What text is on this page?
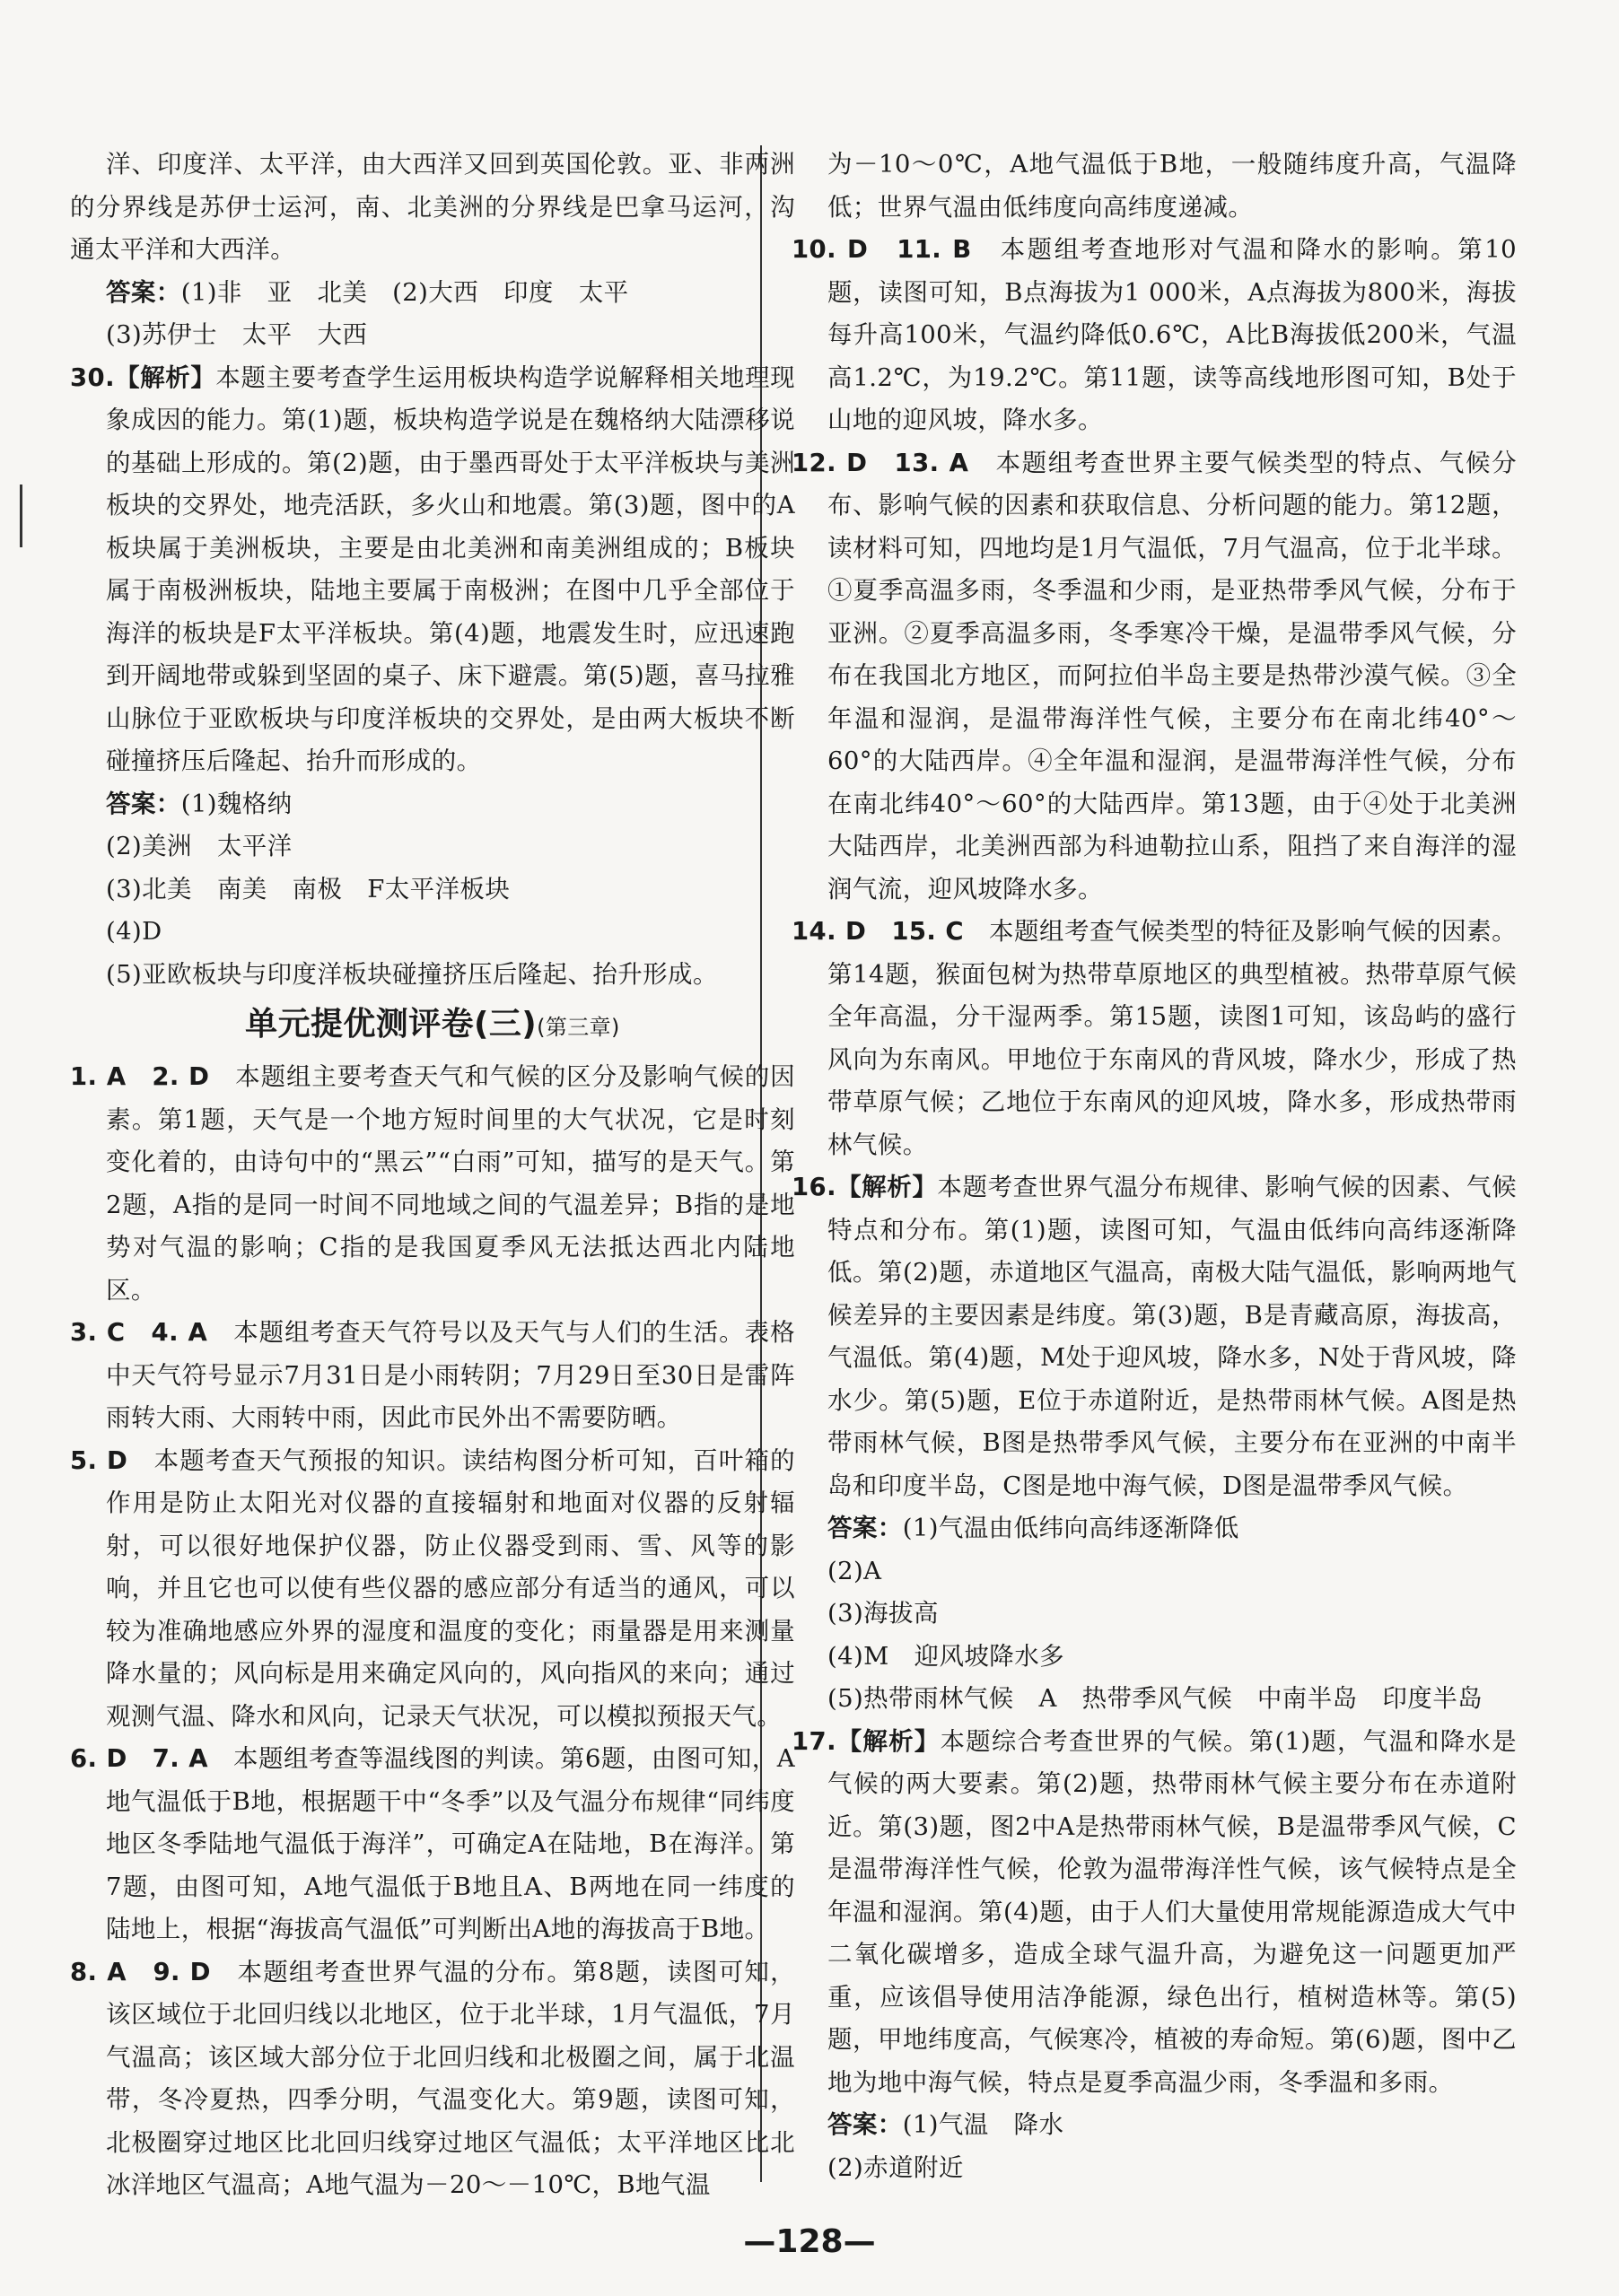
洋、印度洋、太平洋，由大西洋又回到英国伦敦。亚、非两洲的分界线是苏伊士运河，南、北美洲的分界线是巴拿马运河，沟通太平洋和大西洋。

答案：(1)非　亚　北美　(2)大西　印度　太平

(3)苏伊士　太平　大西

30.【解析】本题主要考查学生运用板块构造学说解释相关地理现象成因的能力。第(1)题，板块构造学说是在魏格纳大陆漂移说的基础上形成的。第(2)题，由于墨西哥处于太平洋板块与美洲板块的交界处，地壳活跃，多火山和地震。第(3)题，图中的A板块属于美洲板块，主要是由北美洲和南美洲组成的；B板块属于南极洲板块，陆地主要属于南极洲；在图中几乎全部位于海洋的板块是F太平洋板块。第(4)题，地震发生时，应迅速跑到开阔地带或躲到坚固的桌子、床下避震。第(5)题，喜马拉雅山脉位于亚欧板块与印度洋板块的交界处，是由两大板块不断碰撞挤压后隆起、抬升而形成的。

答案：(1)魏格纳

(2)美洲　太平洋

(3)北美　南美　南极　F太平洋板块

(4)D

(5)亚欧板块与印度洋板块碰撞挤压后隆起、抬升形成。

单元提优测评卷(三)(第三章)

1. A　2. D　 本题组主要考查天气和气候的区分及影响气候的因素。第1题，天气是一个地方短时间里的大气状况，它是时刻变化着的，由诗句中的“黑云”“白雨”可知，描写的是天气。第2题，A指的是同一时间不同地域之间的气温差异；B指的是地势对气温的影响；C指的是我国夏季风无法抵达西北内陆地区。

3. C　4. A　 本题组考查天气符号以及天气与人们的生活。表格中天气符号显示7月31日是小雨转阴；7月29日至30日是雷阵雨转大雨、大雨转中雨，因此市民外出不需要防晒。

5. D　 本题考查天气预报的知识。读结构图分析可知，百叶箱的作用是防止太阳光对仪器的直接辐射和地面对仪器的反射辐射，可以很好地保护仪器，防止仪器受到雨、雪、风等的影响，并且它也可以使有些仪器的感应部分有适当的通风，可以较为准确地感应外界的湿度和温度的变化；雨量器是用来测量降水量的；风向标是用来确定风向的，风向指风的来向；通过观测气温、降水和风向，记录天气状况，可以模拟预报天气。

6. D　7. A　 本题组考查等温线图的判读。第6题，由图可知，A地气温低于B地，根据题干中“冬季”以及气温分布规律“同纬度地区冬季陆地气温低于海洋”，可确定A在陆地，B在海洋。第7题，由图可知，A地气温低于B地且A、B两地在同一纬度的陆地上，根据“海拔高气温低”可判断出A地的海拔高于B地。

8. A　9. D　 本题组考查世界气温的分布。第8题，读图可知，该区域位于北回归线以北地区，位于北半球，1月气温低，7月气温高；该区域大部分位于北回归线和北极圈之间，属于北温带，冬冷夏热，四季分明，气温变化大。第9题，读图可知，北极圈穿过地区比北回归线穿过地区气温低；太平洋地区比北冰洋地区气温高；A地气温为－20～－10℃，B地气温

为－10～0℃，A地气温低于B地，一般随纬度升高，气温降低；世界气温由低纬度向高纬度递减。

10. D　11. B　 本题组考查地形对气温和降水的影响。第10题，读图可知，B点海拔为1 000米，A点海拔为800米，海拔每升高100米，气温约降低0.6℃，A比B海拔低200米，气温高1.2℃，为19.2℃。第11题，读等高线地形图可知，B处于山地的迎风坡，降水多。

12. D　13. A　 本题组考查世界主要气候类型的特点、气候分布、影响气候的因素和获取信息、分析问题的能力。第12题，读材料可知，四地均是1月气温低，7月气温高，位于北半球。①夏季高温多雨，冬季温和少雨，是亚热带季风气候，分布于亚洲。②夏季高温多雨，冬季寒冷干燥，是温带季风气候，分布在我国北方地区，而阿拉伯半岛主要是热带沙漠气候。③全年温和湿润，是温带海洋性气候，主要分布在南北纬40°～60°的大陆西岸。④全年温和湿润，是温带海洋性气候，分布在南北纬40°～60°的大陆西岸。第13题，由于④处于北美洲大陆西岸，北美洲西部为科迪勒拉山系，阻挡了来自海洋的湿润气流，迎风坡降水多。

14. D　15. C　 本题组考查气候类型的特征及影响气候的因素。第14题，猴面包树为热带草原地区的典型植被。热带草原气候全年高温，分干湿两季。第15题，读图1可知，该岛屿的盛行风向为东南风。甲地位于东南风的背风坡，降水少，形成了热带草原气候；乙地位于东南风的迎风坡，降水多，形成热带雨林气候。

16.【解析】本题考查世界气温分布规律、影响气候的因素、气候特点和分布。第(1)题，读图可知，气温由低纬向高纬逐渐降低。第(2)题，赤道地区气温高，南极大陆气温低，影响两地气候差异的主要因素是纬度。第(3)题，B是青藏高原，海拔高，气温低。第(4)题，M处于迎风坡，降水多，N处于背风坡，降水少。第(5)题，E位于赤道附近，是热带雨林气候。A图是热带雨林气候，B图是热带季风气候，主要分布在亚洲的中南半岛和印度半岛，C图是地中海气候，D图是温带季风气候。

答案：(1)气温由低纬向高纬逐渐降低

(2)A

(3)海拔高

(4)M　迎风坡降水多

(5)热带雨林气候　A　热带季风气候　中南半岛　印度半岛

17.【解析】本题综合考查世界的气候。第(1)题，气温和降水是气候的两大要素。第(2)题，热带雨林气候主要分布在赤道附近。第(3)题，图2中A是热带雨林气候，B是温带季风气候，C是温带海洋性气候，伦敦为温带海洋性气候，该气候特点是全年温和湿润。第(4)题，由于人们大量使用常规能源造成大气中二氧化碳增多，造成全球气温升高，为避免这一问题更加严重，应该倡导使用洁净能源，绿色出行，植树造林等。第(5)题，甲地纬度高，气候寒冷，植被的寿命短。第(6)题，图中乙地为地中海气候，特点是夏季高温少雨，冬季温和多雨。

答案：(1)气温　降水

(2)赤道附近

—128—
